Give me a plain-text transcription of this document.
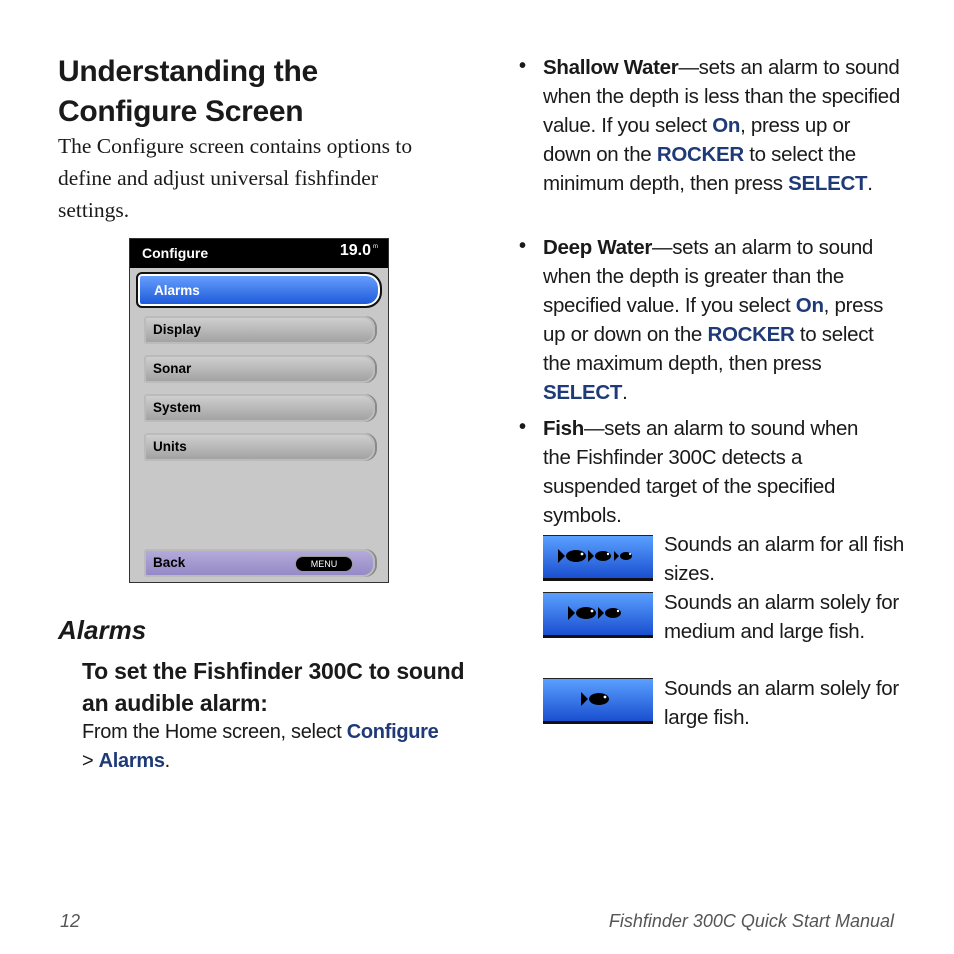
Understanding the Configure Screen
The Configure screen contains options to define and adjust universal fishfinder settings.
Configure	19.0 m
Alarms
Display
Sonar
System
Units
Back	MENU
Alarms
To set the Fishfinder 300C to sound an audible alarm:
From the Home screen, select Configure
> Alarms.
• Shallow Water—sets an alarm to sound when the depth is less than the specified value. If you select On, press up or down on the ROCKER to select the minimum depth, then press SELECT.
• Deep Water—sets an alarm to sound when the depth is greater than the specified value. If you select On, press up or down on the ROCKER to select the maximum depth, then press SELECT.
• Fish—sets an alarm to sound when the Fishfinder 300C detects a suspended target of the specified symbols.
Sounds an alarm for all fish sizes.
Sounds an alarm solely for medium and large fish.
Sounds an alarm solely for large fish.
12	Fishfinder 300C Quick Start Manual
